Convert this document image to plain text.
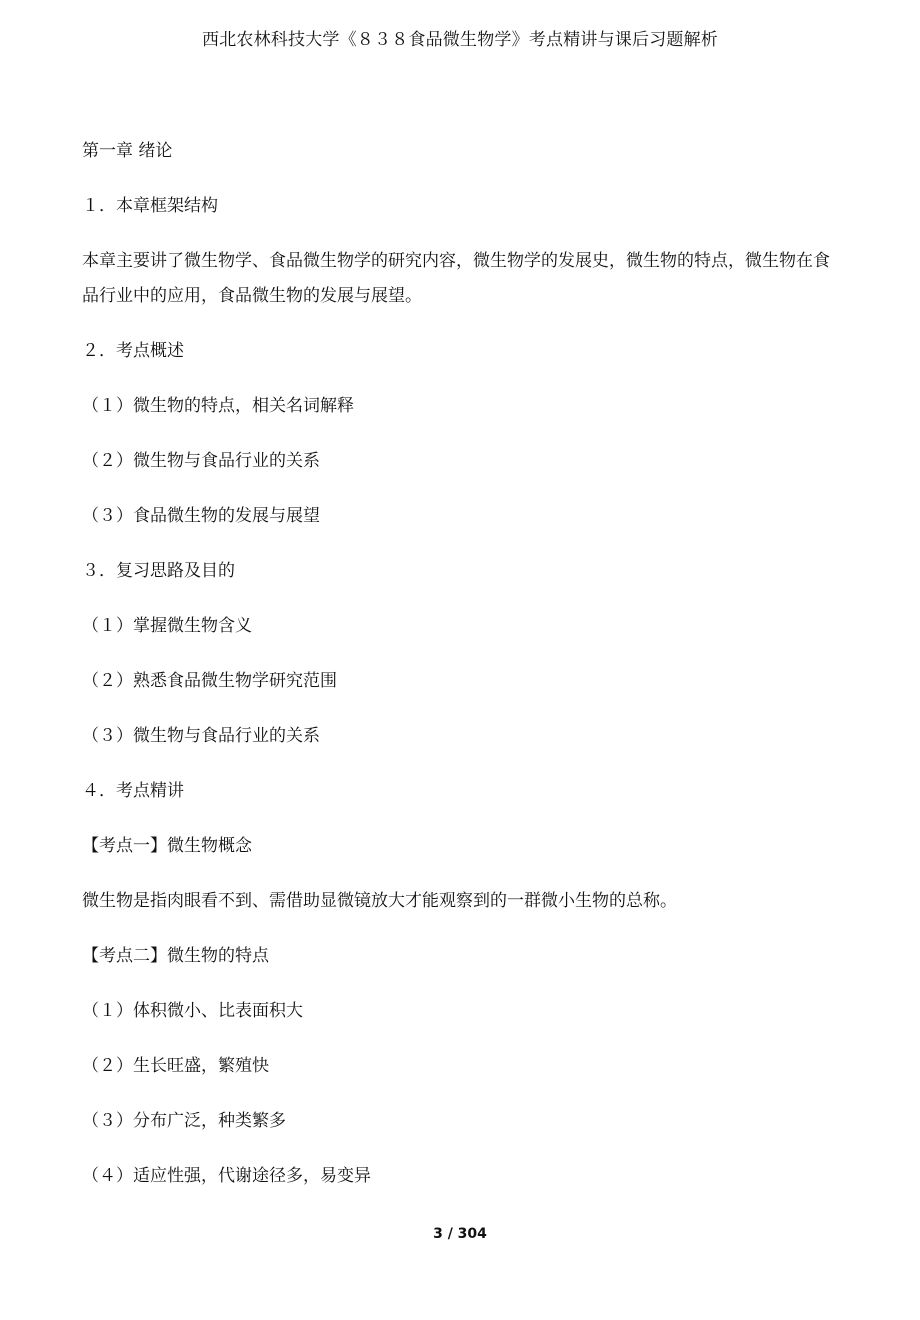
西北农林科技大学《８３８食品微生物学》考点精讲与课后习题解析
第一章 绪论
１．本章框架结构
本章主要讲了微生物学、食品微生物学的研究内容，微生物学的发展史，微生物的特点，微生物在食品行业中的应用，食品微生物的发展与展望。
２．考点概述
（１）微生物的特点，相关名词解释
（２）微生物与食品行业的关系
（３）食品微生物的发展与展望
３．复习思路及目的
（１）掌握微生物含义
（２）熟悉食品微生物学研究范围
（３）微生物与食品行业的关系
４．考点精讲
【考点一】微生物概念
微生物是指肉眼看不到、需借助显微镜放大才能观察到的一群微小生物的总称。
【考点二】微生物的特点
（１）体积微小、比表面积大
（２）生长旺盛，繁殖快
（３）分布广泛，种类繁多
（４）适应性强，代谢途径多，易变异
3 / 304
